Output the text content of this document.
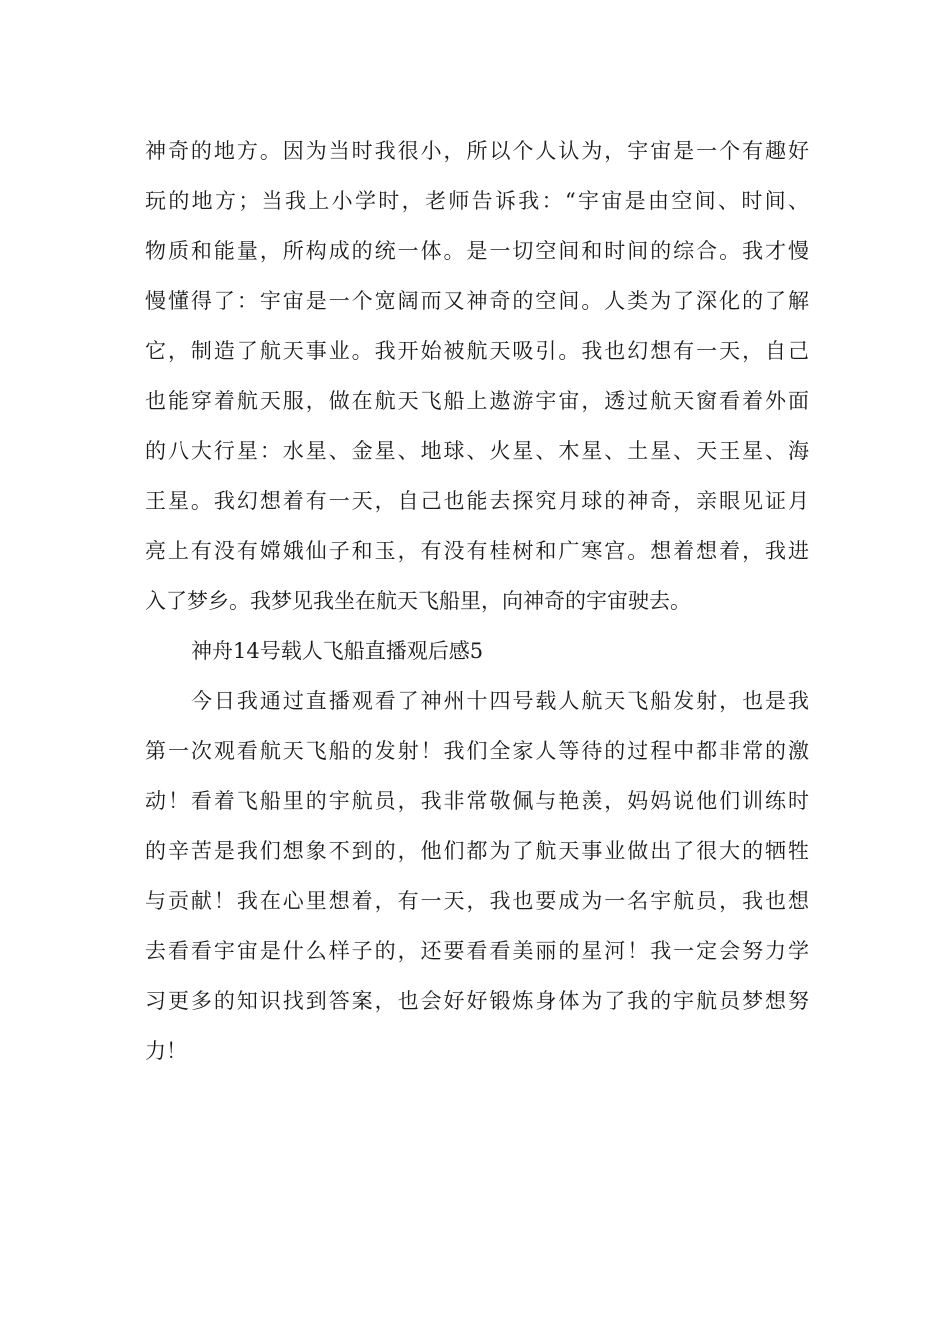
神奇的地方。因为当时我很小，所以个人认为，宇宙是一个有趣好
玩的地方；当我上小学时，老师告诉我：“宇宙是由空间、时间、
物质和能量，所构成的统一体。是一切空间和时间的综合。我才慢
慢懂得了：宇宙是一个宽阔而又神奇的空间。人类为了深化的了解
它，制造了航天事业。我开始被航天吸引。我也幻想有一天，自己
也能穿着航天服，做在航天飞船上遨游宇宙，透过航天窗看着外面
的八大行星：水星、金星、地球、火星、木星、土星、天王星、海
王星。我幻想着有一天，自己也能去探究月球的神奇，亲眼见证月
亮上有没有嫦娥仙子和玉，有没有桂树和广寒宫。想着想着，我进
入了梦乡。我梦见我坐在航天飞船里，向神奇的宇宙驶去。
神舟14号载人飞船直播观后感5
今日我通过直播观看了神州十四号载人航天飞船发射，也是我
第一次观看航天飞船的发射！我们全家人等待的过程中都非常的激
动！看着飞船里的宇航员，我非常敬佩与艳羡，妈妈说他们训练时
的辛苦是我们想象不到的，他们都为了航天事业做出了很大的牺牲
与贡献！我在心里想着，有一天，我也要成为一名宇航员，我也想
去看看宇宙是什么样子的，还要看看美丽的星河！我一定会努力学
习更多的知识找到答案，也会好好锻炼身体为了我的宇航员梦想努
力！
